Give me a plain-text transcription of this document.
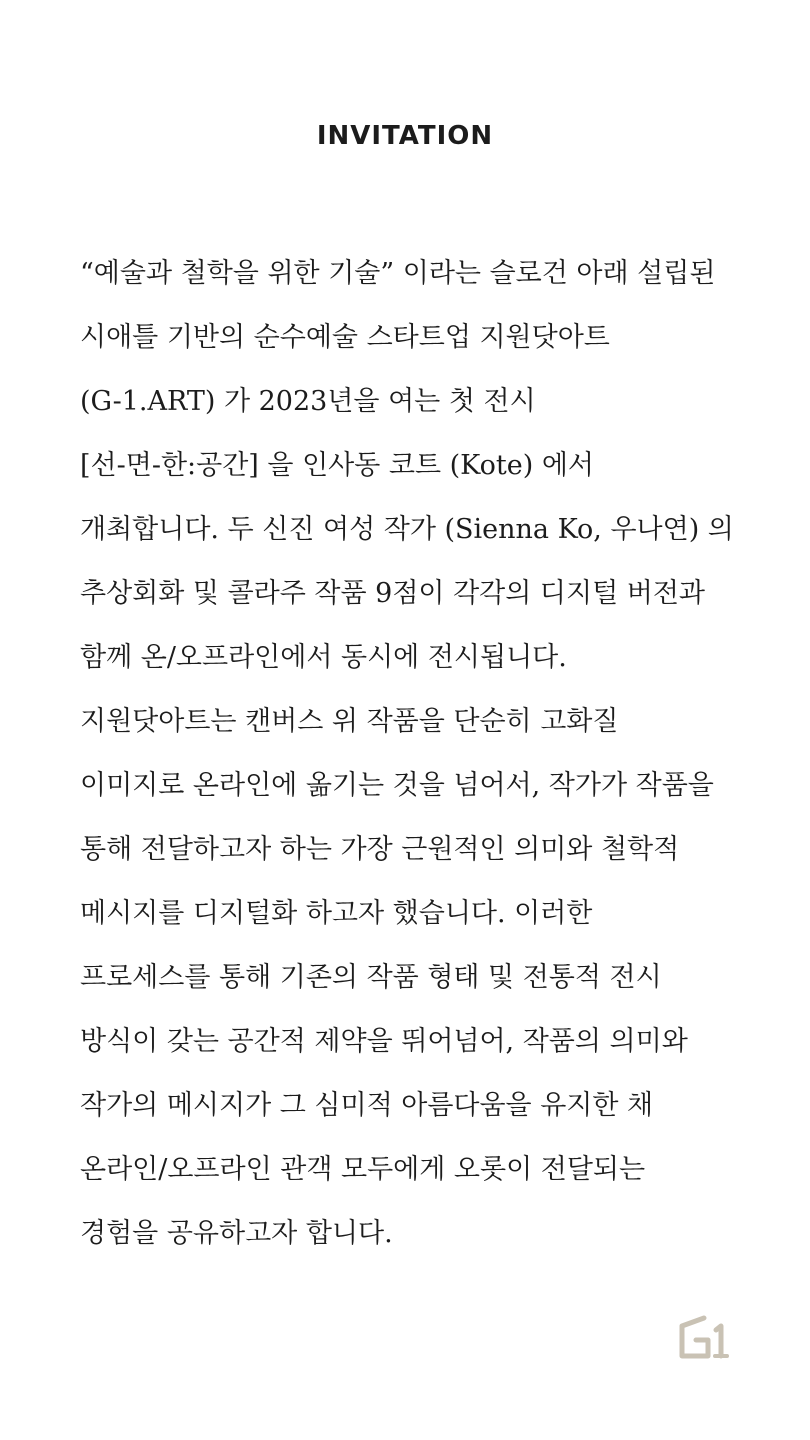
INVITATION
“예술과 철학을 위한 기술” 이라는 슬로건 아래 설립된
시애틀 기반의 순수예술 스타트업 지원닷아트
(G-1.ART) 가 2023년을 여는 첫 전시
[선-면-한:공간] 을 인사동 코트 (Kote) 에서
개최합니다. 두 신진 여성 작가 (Sienna Ko, 우나연) 의
추상회화 및 콜라주 작품 9점이 각각의 디지털 버전과
함께 온/오프라인에서 동시에 전시됩니다.
지원닷아트는 캔버스 위 작품을 단순히 고화질
이미지로 온라인에 옮기는 것을 넘어서, 작가가 작품을
통해 전달하고자 하는 가장 근원적인 의미와 철학적
메시지를 디지털화 하고자 했습니다. 이러한
프로세스를 통해 기존의 작품 형태 및 전통적 전시
방식이 갖는 공간적 제약을 뛰어넘어, 작품의 의미와
작가의 메시지가 그 심미적 아름다움을 유지한 채
온라인/오프라인 관객 모두에게 오롯이 전달되는
경험을 공유하고자 합니다.
